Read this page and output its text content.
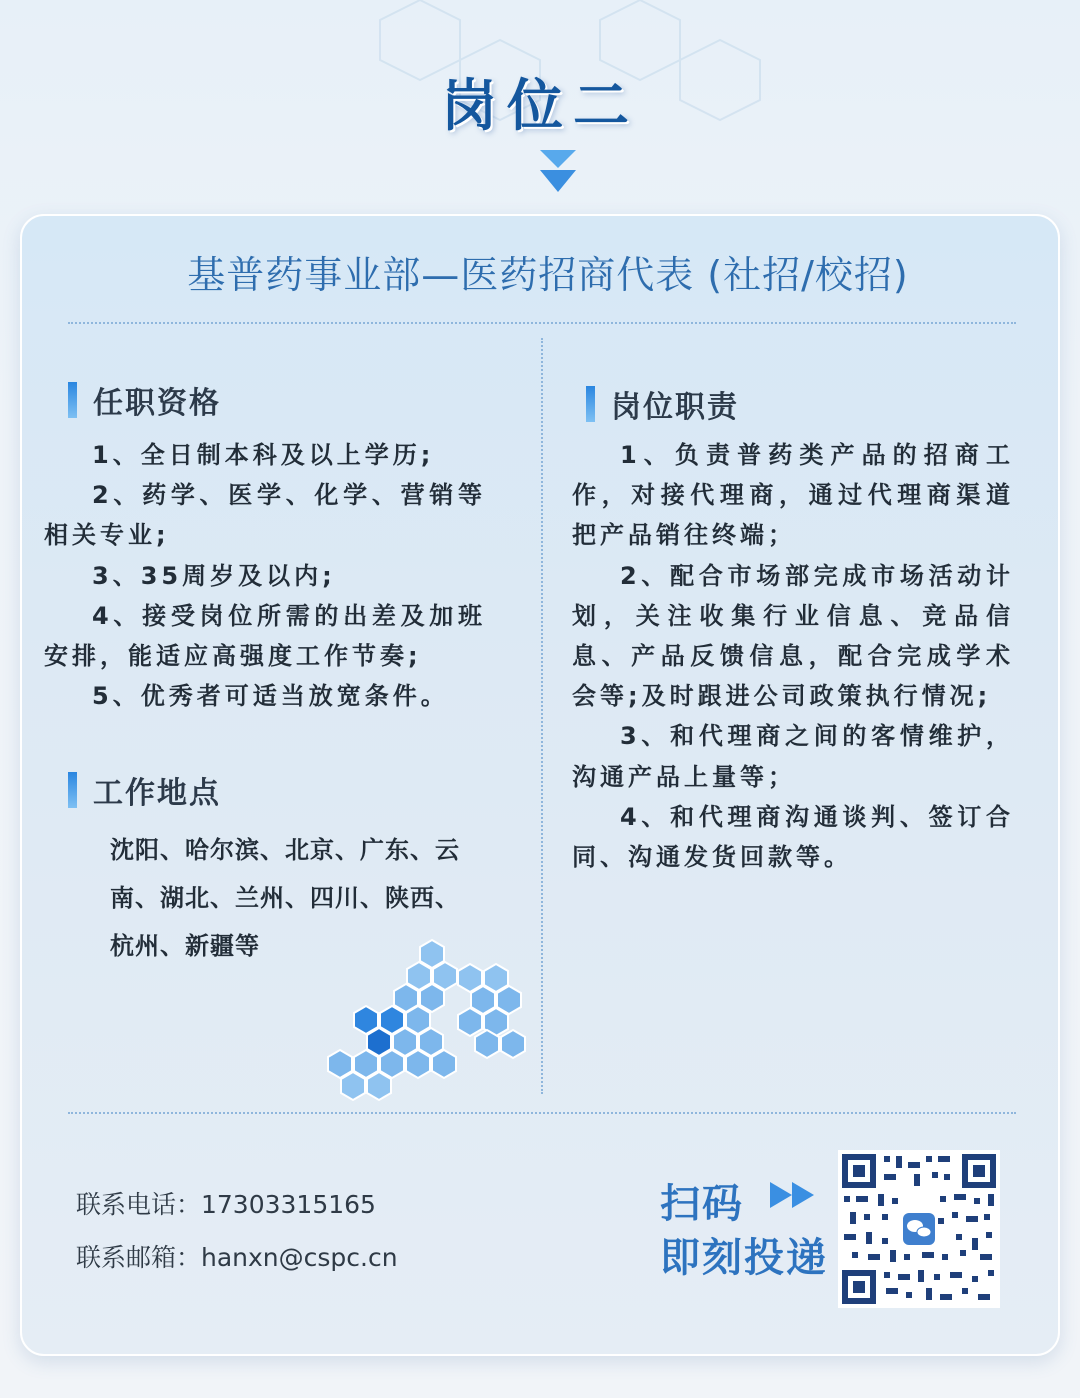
岗位二
基普药事业部—医药招商代表 (社招/校招)
任职资格

1、全日制本科及以上学历;

2、药学、医学、化学、营销等相关专业;

3、35周岁及以内;

4、接受岗位所需的出差及加班安排，能适应高强度工作节奏;

5、优秀者可适当放宽条件。

工作地点
沈阳、哈尔滨、北京、广东、云南、湖北、兰州、四川、陕西、杭州、新疆等
岗位职责

1、负责普药类产品的招商工作，对接代理商，通过代理商渠道把产品销往终端；

2、配合市场部完成市场活动计划，关注收集行业信息、竞品信息、产品反馈信息，配合完成学术会等;及时跟进公司政策执行情况;

3、和代理商之间的客情维护，沟通产品上量等；

4、和代理商沟通谈判、签订合同、沟通发货回款等。

联系电话：17303315165
联系邮箱：hanxn@cspc.cn
扫码
即刻投递
